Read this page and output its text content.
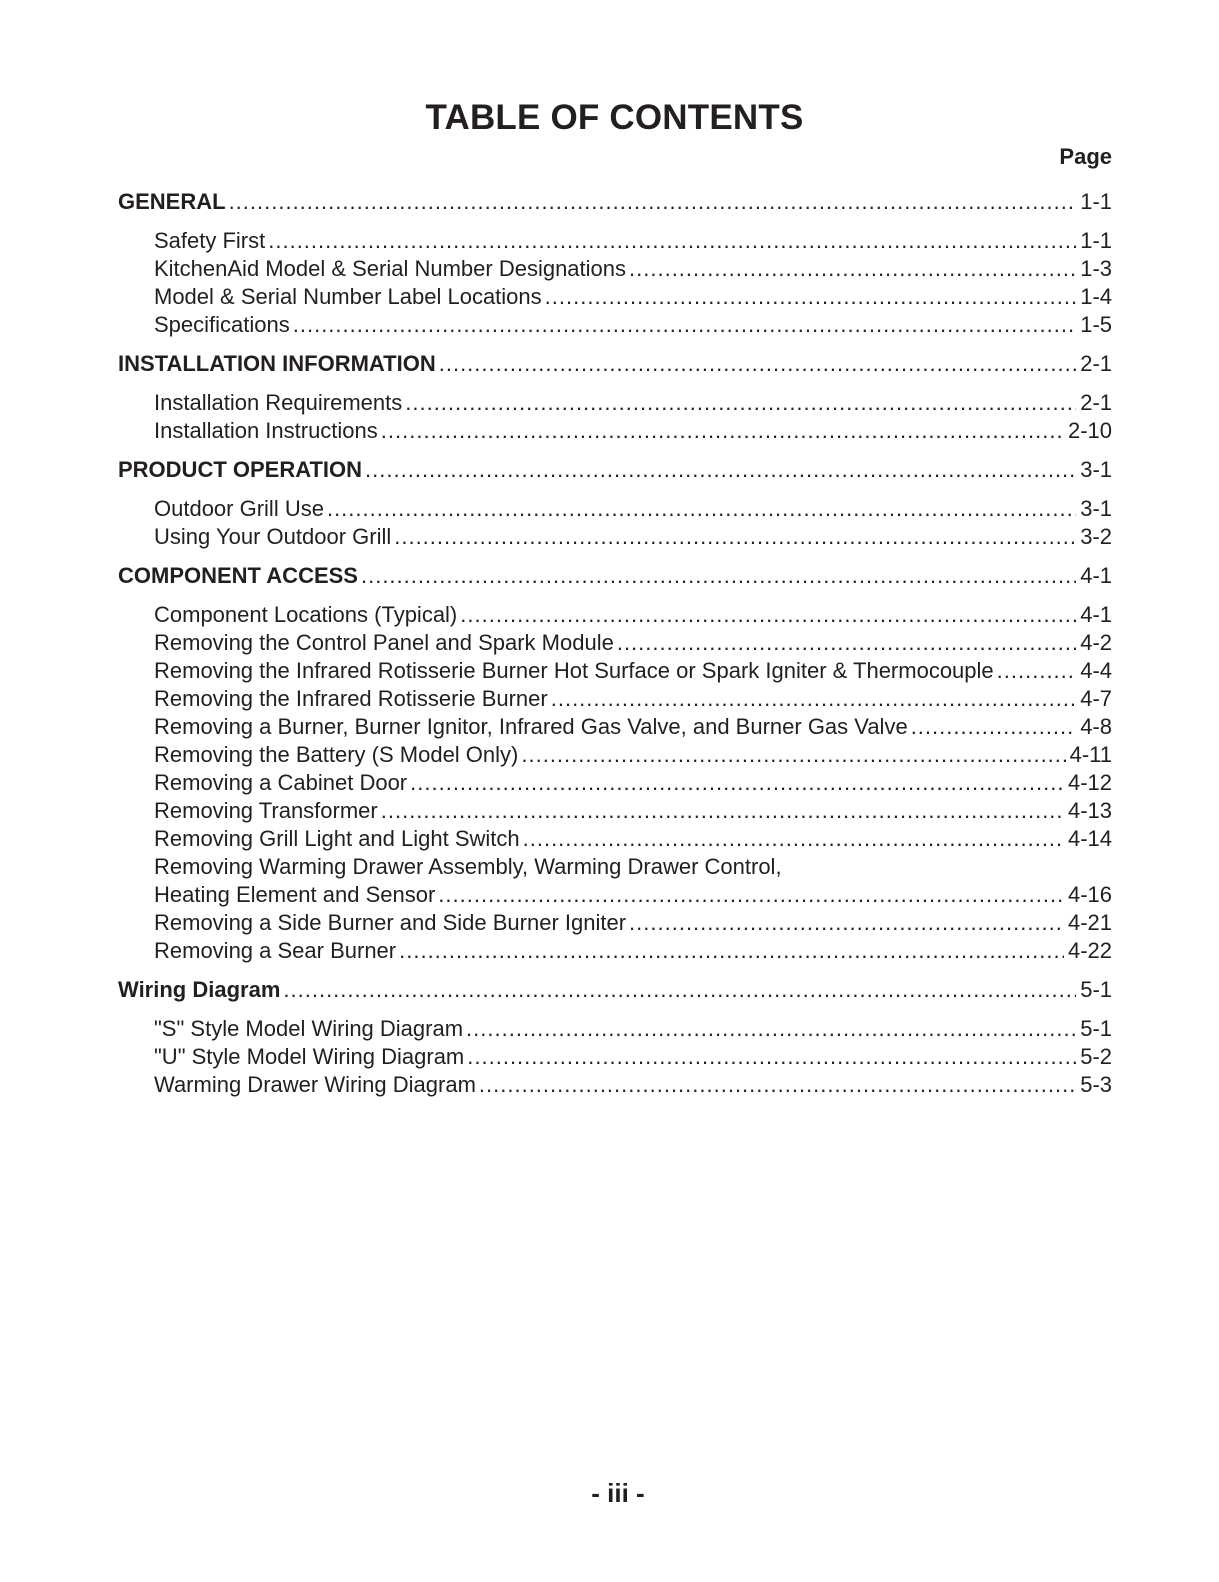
TABLE OF CONTENTS
Page
GENERAL .....	1-1
Safety First .....	1-1
KitchenAid Model & Serial Number Designations .....	1-3
Model & Serial Number Label Locations .....	1-4
Specifications .....	1-5
INSTALLATION INFORMATION .....	2-1
Installation Requirements .....	2-1
Installation Instructions .....	2-10
PRODUCT OPERATION .....	3-1
Outdoor Grill Use .....	3-1
Using Your Outdoor Grill .....	3-2
COMPONENT ACCESS .....	4-1
Component Locations (Typical) .....	4-1
Removing the Control Panel and Spark Module .....	4-2
Removing the Infrared Rotisserie Burner Hot Surface or Spark Igniter & Thermocouple .....	4-4
Removing the Infrared Rotisserie Burner .....	4-7
Removing a Burner, Burner Ignitor, Infrared Gas Valve, and Burner Gas Valve .....	4-8
Removing the Battery (S Model Only) .....	4-11
Removing a Cabinet Door .....	4-12
Removing Transformer .....	4-13
Removing Grill Light and Light Switch .....	4-14
Removing Warming Drawer Assembly, Warming Drawer Control,
Heating Element and Sensor .....	4-16
Removing a Side Burner and Side Burner Igniter .....	4-21
Removing a Sear Burner .....	4-22
Wiring Diagram .....	5-1
"S" Style Model Wiring Diagram .....	5-1
"U" Style Model Wiring Diagram .....	5-2
Warming Drawer Wiring Diagram .....	5-3
- iii -
